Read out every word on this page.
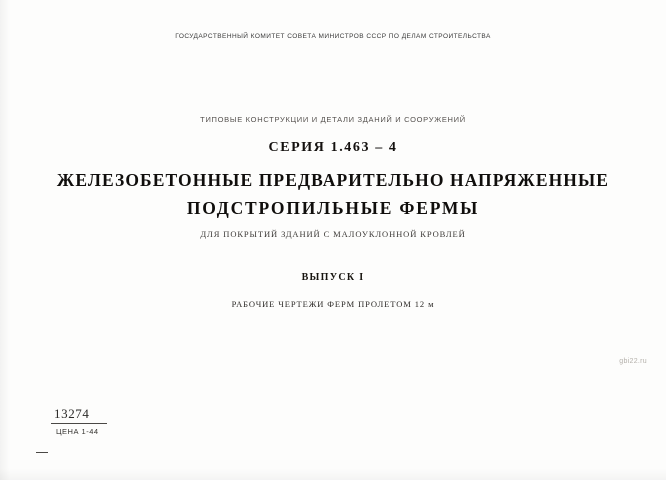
ГОСУДАРСТВЕННЫЙ КОМИТЕТ СОВЕТА МИНИСТРОВ СССР ПО ДЕЛАМ СТРОИТЕЛЬСТВА
ТИПОВЫЕ КОНСТРУКЦИИ И ДЕТАЛИ ЗДАНИЙ И СООРУЖЕНИЙ
СЕРИЯ 1.463 – 4
ЖЕЛЕЗОБЕТОННЫЕ ПРЕДВАРИТЕЛЬНО НАПРЯЖЕННЫЕ
ПОДСТРОПИЛЬНЫЕ ФЕРМЫ
ДЛЯ ПОКРЫТИЙ ЗДАНИЙ С МАЛОУКЛОННОЙ КРОВЛЕЙ
ВЫПУСК I
РАБОЧИЕ ЧЕРТЕЖИ ФЕРМ ПРОЛЕТОМ 12 м
gbi22.ru
13274
ЦЕНА 1-44
